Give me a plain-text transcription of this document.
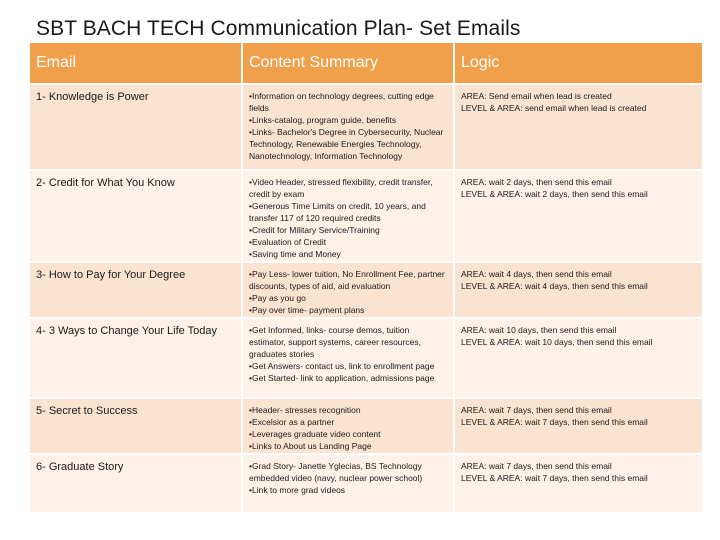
SBT BACH TECH Communication Plan- Set Emails
Email	Content Summary	Logic
1- Knowledge is Power	•Information on technology degrees, cutting edge fields
•Links-catalog, program guide, benefits
•Links- Bachelor's Degree in Cybersecurity, Nuclear Technology, Renewable Energies Technology, Nanotechnology, Information Technology	AREA: Send email when lead is created
LEVEL & AREA: send email when lead is created

2- Credit for What You Know	•Video Header, stressed flexibility, credit transfer, credit by exam
•Generous Time Limits on credit, 10 years, and transfer 117 of 120 required credits
•Credit for Military Service/Training
•Evaluation of Credit
•Saving time and Money	AREA: wait 2 days, then send this email
LEVEL & AREA: wait 2 days, then send this email

3- How to Pay for Your Degree	•Pay Less- lower tuition, No Enrollment Fee, partner discounts, types of aid, aid evaluation
•Pay as you go
•Pay over time- payment plans	AREA: wait 4 days, then send this email
LEVEL & AREA: wait 4 days, then send this email

4- 3 Ways to Change Your Life Today	•Get Informed, links- course demos, tuition estimator, support systems, career resources, graduates stories
•Get Answers- contact us, link to enrollment page
•Get Started- link to application, admissions page	AREA: wait 10 days, then send this email
LEVEL & AREA: wait 10 days, then send this email

5- Secret to Success	•Header- stresses recognition
•Excelsior as a partner
•Leverages graduate video content
•Links to About us Landing Page	AREA: wait 7 days, then send this email
LEVEL & AREA: wait 7 days, then send this email

6- Graduate Story	•Grad Story- Janette Yglecias, BS Technology embedded video (navy, nuclear power school)
•Link to more grad videos	AREA: wait 7 days, then send this email
LEVEL & AREA: wait 7 days, then send this email
